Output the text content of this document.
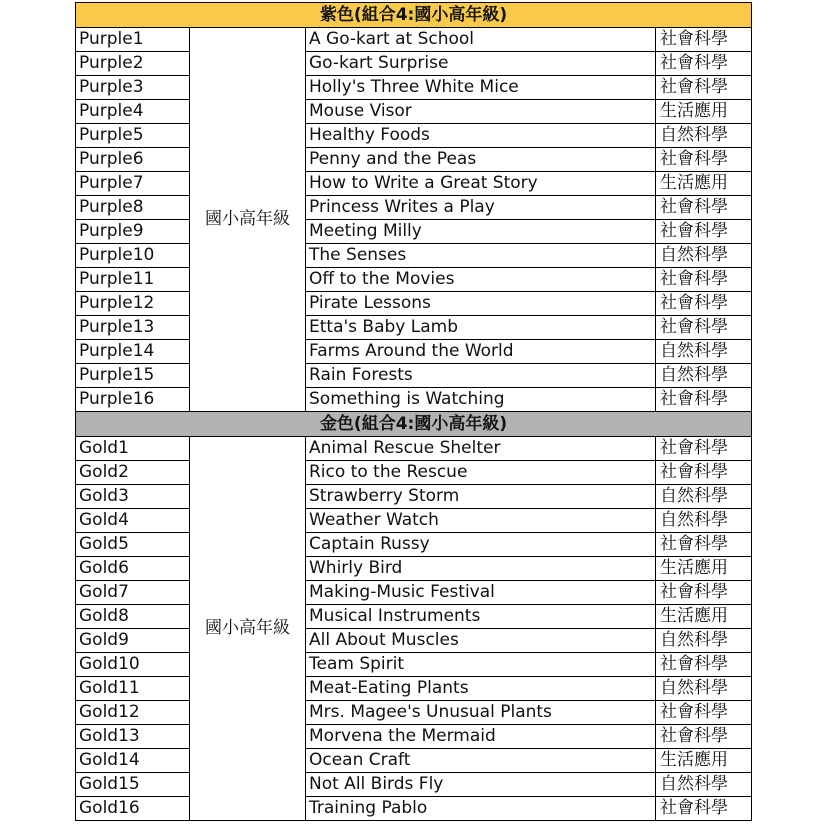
紫色(組合4:國小高年級)			
Purple1	國小高年級	A Go-kart at School	社會科學
Purple2		Go-kart Surprise	社會科學
Purple3		Holly's Three White Mice	社會科學
Purple4		Mouse Visor	生活應用
Purple5		Healthy Foods	自然科學
Purple6		Penny and the Peas	社會科學
Purple7		How to Write a Great Story	生活應用
Purple8		Princess Writes a Play	社會科學
Purple9		Meeting Milly	社會科學
Purple10		The Senses	自然科學
Purple11		Off to the Movies	社會科學
Purple12		Pirate Lessons	社會科學
Purple13		Etta's Baby Lamb	社會科學
Purple14		Farms Around the World	自然科學
Purple15		Rain Forests	自然科學
Purple16		Something is Watching	社會科學
金色(組合4:國小高年級)			
Gold1	國小高年級	Animal Rescue Shelter	社會科學
Gold2		Rico to the Rescue	社會科學
Gold3		Strawberry Storm	自然科學
Gold4		Weather Watch	自然科學
Gold5		Captain Russy	社會科學
Gold6		Whirly Bird	生活應用
Gold7		Making-Music Festival	社會科學
Gold8		Musical Instruments	生活應用
Gold9		All About Muscles	自然科學
Gold10		Team Spirit	社會科學
Gold11		Meat-Eating Plants	自然科學
Gold12		Mrs. Magee's Unusual Plants	社會科學
Gold13		Morvena the Mermaid	社會科學
Gold14		Ocean Craft	生活應用
Gold15		Not All Birds Fly	自然科學
Gold16		Training Pablo	社會科學
